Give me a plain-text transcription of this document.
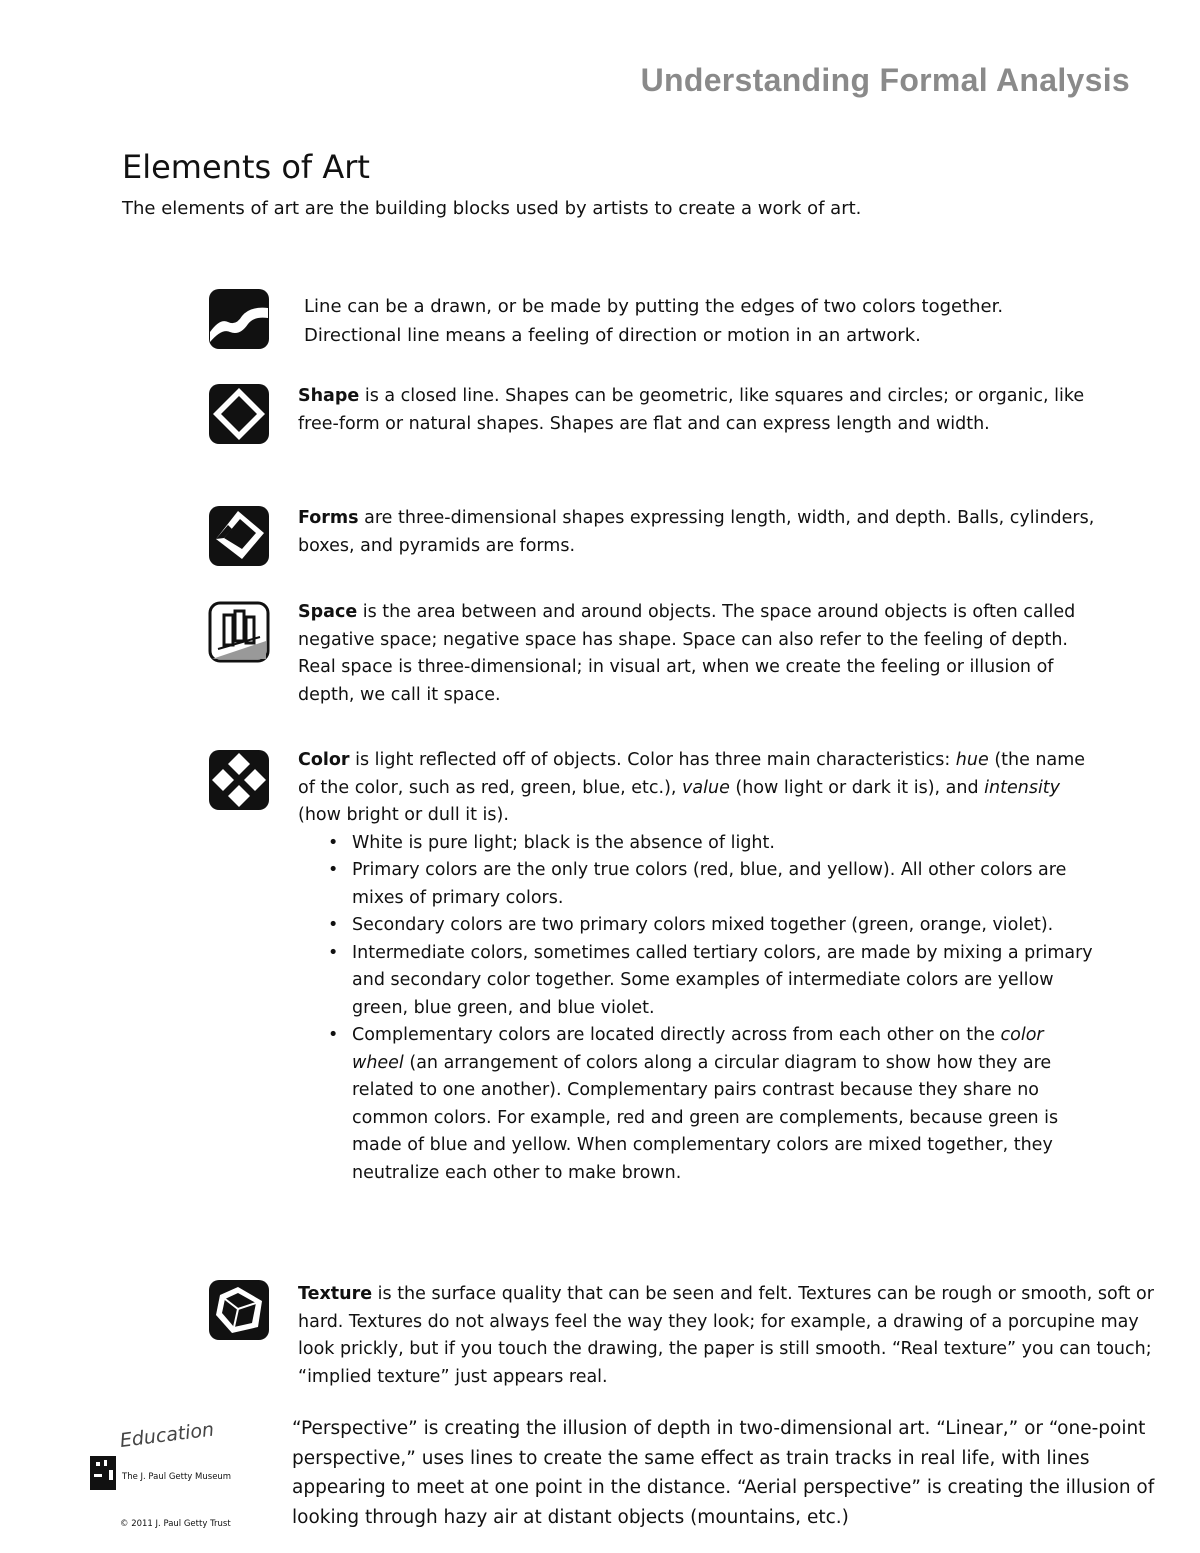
Understanding Formal Analysis
Elements of Art
The elements of art are the building blocks used by artists to create a work of art.
Line can be a drawn, or be made by putting the edges of two colors together.
Directional line means a feeling of direction or motion in an artwork.
Shape is a closed line. Shapes can be geometric, like squares and circles; or organic, like free-form or natural shapes. Shapes are flat and can express length and width.
Forms are three-dimensional shapes expressing length, width, and depth. Balls, cylinders, boxes, and pyramids are forms.
Space is the area between and around objects. The space around objects is often called negative space; negative space has shape. Space can also refer to the feeling of depth. Real space is three-dimensional; in visual art, when we create the feeling or illusion of depth, we call it space.
Color is light reflected off of objects. Color has three main characteristics: hue (the name of the color, such as red, green, blue, etc.), value (how light or dark it is), and intensity (how bright or dull it is).
• White is pure light; black is the absence of light.
• Primary colors are the only true colors (red, blue, and yellow). All other colors are mixes of primary colors.
• Secondary colors are two primary colors mixed together (green, orange, violet).
• Intermediate colors, sometimes called tertiary colors, are made by mixing a primary and secondary color together. Some examples of intermediate colors are yellow green, blue green, and blue violet.
• Complementary colors are located directly across from each other on the color wheel (an arrangement of colors along a circular diagram to show how they are related to one another). Complementary pairs contrast because they share no common colors. For example, red and green are complements, because green is made of blue and yellow. When complementary colors are mixed together, they neutralize each other to make brown.
Texture is the surface quality that can be seen and felt. Textures can be rough or smooth, soft or hard. Textures do not always feel the way they look; for example, a drawing of a porcupine may look prickly, but if you touch the drawing, the paper is still smooth. “Real texture” you can touch; “implied texture” just appears real.
“Perspective” is creating the illusion of depth in two-dimensional art. “Linear,” or “one-point perspective,” uses lines to create the same effect as train tracks in real life, with lines appearing to meet at one point in the distance. “Aerial perspective” is creating the illusion of looking through hazy air at distant objects (mountains, etc.)
Education
The J. Paul Getty Museum
© 2011 J. Paul Getty Trust
